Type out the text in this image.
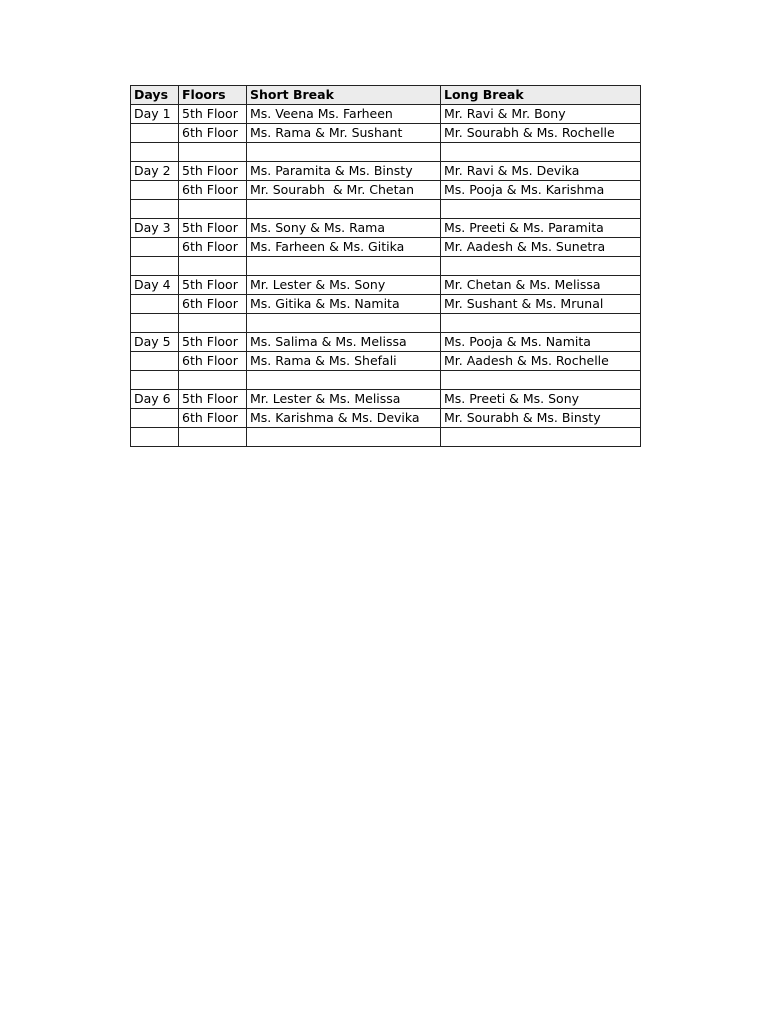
Days	Floors	Short Break	Long Break
Day 1	5th Floor	Ms. Veena Ms. Farheen	Mr. Ravi & Mr. Bony
	6th Floor	Ms. Rama & Mr. Sushant	Mr. Sourabh & Ms. Rochelle

Day 2	5th Floor	Ms. Paramita & Ms. Binsty	Mr. Ravi & Ms. Devika
	6th Floor	Mr. Sourabh  & Mr. Chetan	Ms. Pooja & Ms. Karishma

Day 3	5th Floor	Ms. Sony & Ms. Rama	Ms. Preeti & Ms. Paramita
	6th Floor	Ms. Farheen & Ms. Gitika	Mr. Aadesh & Ms. Sunetra

Day 4	5th Floor	Mr. Lester & Ms. Sony	Mr. Chetan & Ms. Melissa
	6th Floor	Ms. Gitika & Ms. Namita	Mr. Sushant & Ms. Mrunal

Day 5	5th Floor	Ms. Salima & Ms. Melissa	Ms. Pooja & Ms. Namita
	6th Floor	Ms. Rama & Ms. Shefali	Mr. Aadesh & Ms. Rochelle

Day 6	5th Floor	Mr. Lester & Ms. Melissa	Ms. Preeti & Ms. Sony
	6th Floor	Ms. Karishma & Ms. Devika	Mr. Sourabh & Ms. Binsty
